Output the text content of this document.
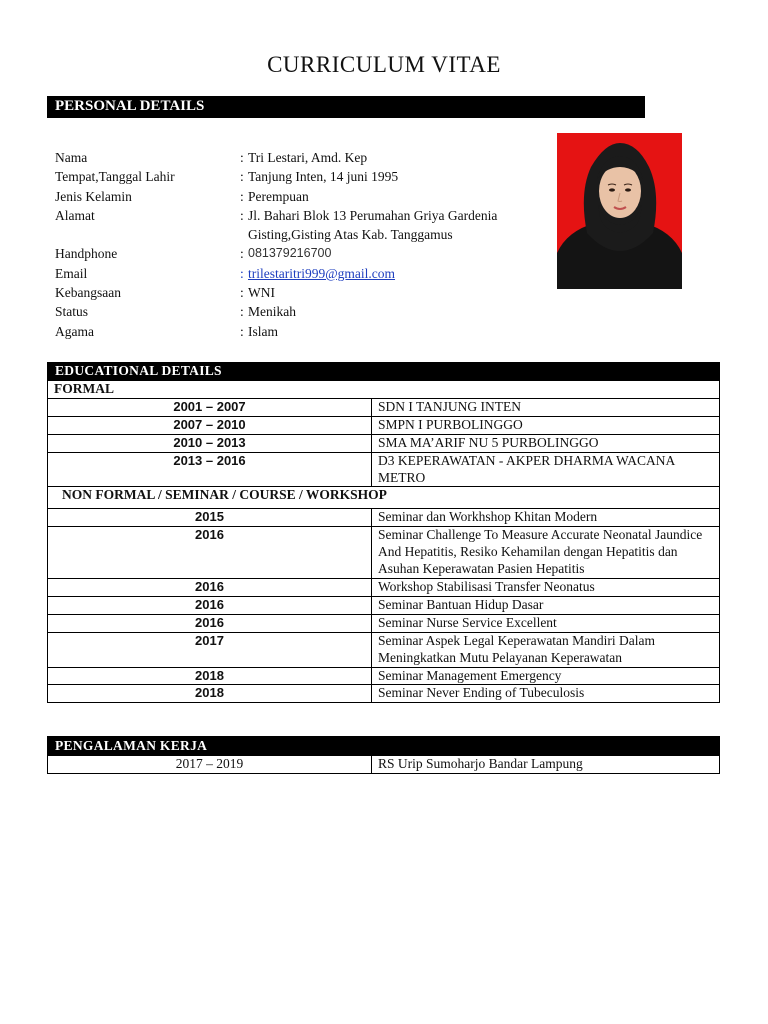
CURRICULUM VITAE
PERSONAL DETAILS
Nama	: Tri Lestari, Amd. Kep
Tempat,Tanggal Lahir	: Tanjung Inten, 14 juni 1995
Jenis Kelamin	: Perempuan
Alamat	: Jl. Bahari Blok 13 Perumahan Griya Gardenia
Gisting,Gisting Atas Kab. Tanggamus
Handphone	: 081379216700
Email	: trilestaritri999@gmail.com
Kebangsaan	: WNI
Status	: Menikah
Agama	: Islam
EDUCATIONAL DETAILS
FORMAL	
2001 – 2007	SDN I TANJUNG INTEN
2007 – 2010	SMPN I PURBOLINGGO
2010 – 2013	SMA MA’ARIF NU 5 PURBOLINGGO
2013 – 2016	D3 KEPERAWATAN - AKPER DHARMA WACANA METRO
NON FORMAL / SEMINAR / COURSE / WORKSHOP	
2015	Seminar dan Workhshop Khitan Modern
2016	Seminar Challenge To Measure Accurate Neonatal Jaundice And Hepatitis, Resiko Kehamilan dengan Hepatitis dan Asuhan Keperawatan Pasien Hepatitis
2016	Workshop Stabilisasi Transfer Neonatus
2016	Seminar Bantuan Hidup Dasar
2016	Seminar Nurse Service Excellent
2017	Seminar Aspek Legal Keperawatan Mandiri Dalam Meningkatkan Mutu Pelayanan Keperawatan
2018	Seminar Management Emergency
2018	Seminar Never Ending of Tubeculosis
PENGALAMAN KERJA
2017 – 2019	RS Urip Sumoharjo Bandar Lampung
